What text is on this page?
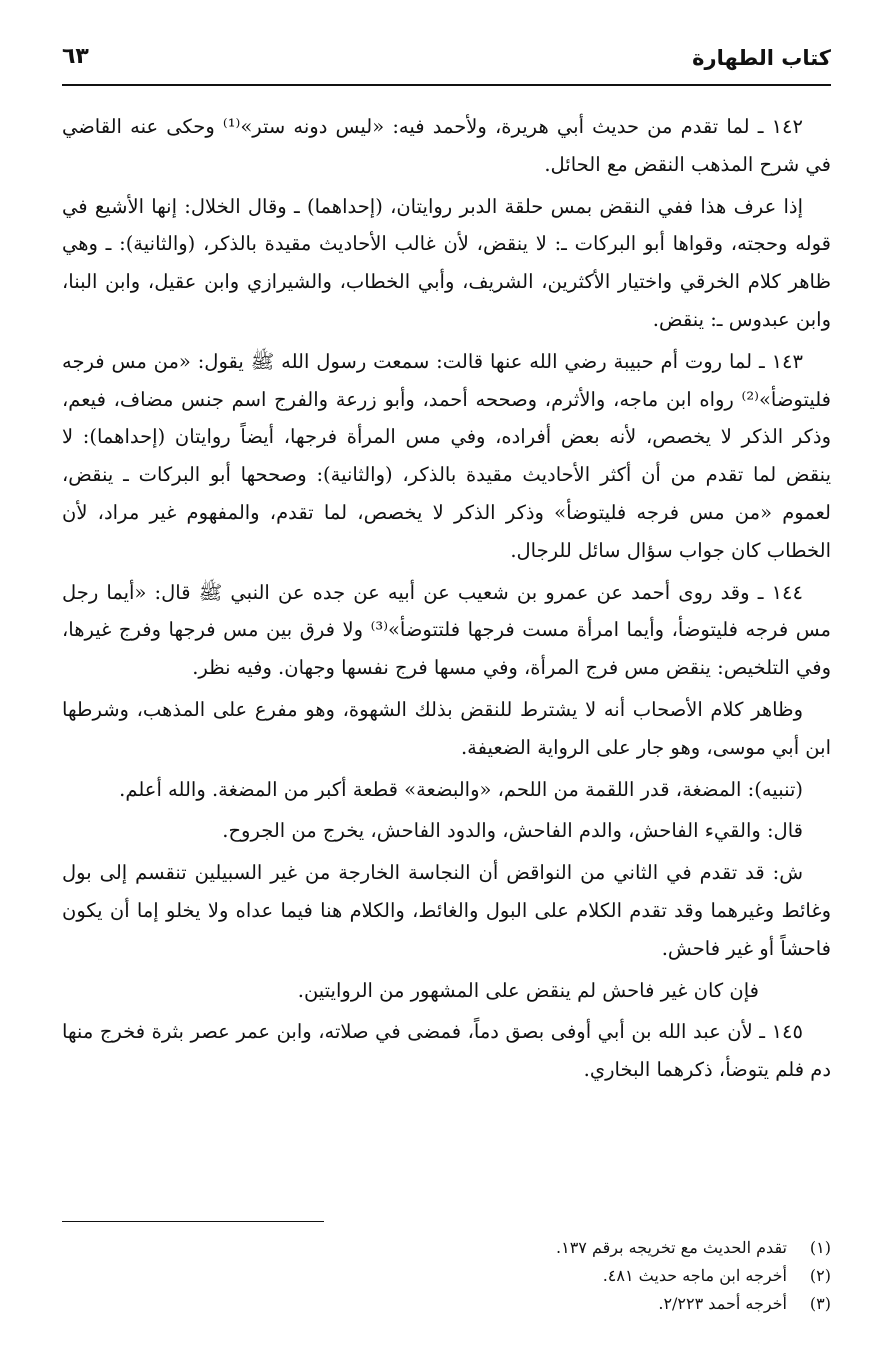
كتاب الطهارة
٦٣

١٤٢ ـ لما تقدم من حديث أبي هريرة، ولأحمد فيه: «ليس دونه ستر»⁽¹⁾ وحكى عنه القاضي في شرح المذهب النقض مع الحائل.

إذا عرف هذا ففي النقض بمس حلقة الدبر روايتان، (إحداهما) ـ وقال الخلال: إنها الأشيع في قوله وحجته، وقواها أبو البركات ـ: لا ينقض، لأن غالب الأحاديث مقيدة بالذكر، (والثانية): ـ وهي ظاهر كلام الخرقي واختيار الأكثرين، الشريف، وأبي الخطاب، والشيرازي وابن عقيل، وابن البنا، وابن عبدوس ـ: ينقض.

١٤٣ ـ لما روت أم حبيبة رضي الله عنها قالت: سمعت رسول الله ﷺ يقول: «من مس فرجه فليتوضأ»⁽²⁾ رواه ابن ماجه، والأثرم، وصححه أحمد، وأبو زرعة والفرج اسم جنس مضاف، فيعم، وذكر الذكر لا يخصص، لأنه بعض أفراده، وفي مس المرأة فرجها، أيضاً روايتان (إحداهما): لا ينقض لما تقدم من أن أكثر الأحاديث مقيدة بالذكر، (والثانية): وصححها أبو البركات ـ ينقض، لعموم «من مس فرجه فليتوضأ» وذكر الذكر لا يخصص، لما تقدم، والمفهوم غير مراد، لأن الخطاب كان جواب سؤال سائل للرجال.

١٤٤ ـ وقد روى أحمد عن عمرو بن شعيب عن أبيه عن جده عن النبي ﷺ قال: «أيما رجل مس فرجه فليتوضأ، وأيما امرأة مست فرجها فلتتوضأ»⁽³⁾ ولا فرق بين مس فرجها وفرج غيرها، وفي التلخيص: ينقض مس فرج المرأة، وفي مسها فرج نفسها وجهان. وفيه نظر.

وظاهر كلام الأصحاب أنه لا يشترط للنقض بذلك الشهوة، وهو مفرع على المذهب، وشرطها ابن أبي موسى، وهو جار على الرواية الضعيفة.

(تنبيه): المضغة، قدر اللقمة من اللحم، «والبضعة» قطعة أكبر من المضغة. والله أعلم.

قال: والقيء الفاحش، والدم الفاحش، والدود الفاحش، يخرج من الجروح.

ش: قد تقدم في الثاني من النواقض أن النجاسة الخارجة من غير السبيلين تنقسم إلى بول وغائط وغيرهما وقد تقدم الكلام على البول والغائط، والكلام هنا فيما عداه ولا يخلو إما أن يكون فاحشاً أو غير فاحش.

فإن كان غير فاحش لم ينقض على المشهور من الروايتين.

١٤٥ ـ لأن عبد الله بن أبي أوفى بصق دماً، فمضى في صلاته، وابن عمر عصر بثرة فخرج منها دم فلم يتوضأ، ذكرهما البخاري.

(١)
تقدم الحديث مع تخريجه برقم ١٣٧.
(٢)
أخرجه ابن ماجه حديث ٤٨١.
(٣)
أخرجه أحمد ٢/٢٢٣.
